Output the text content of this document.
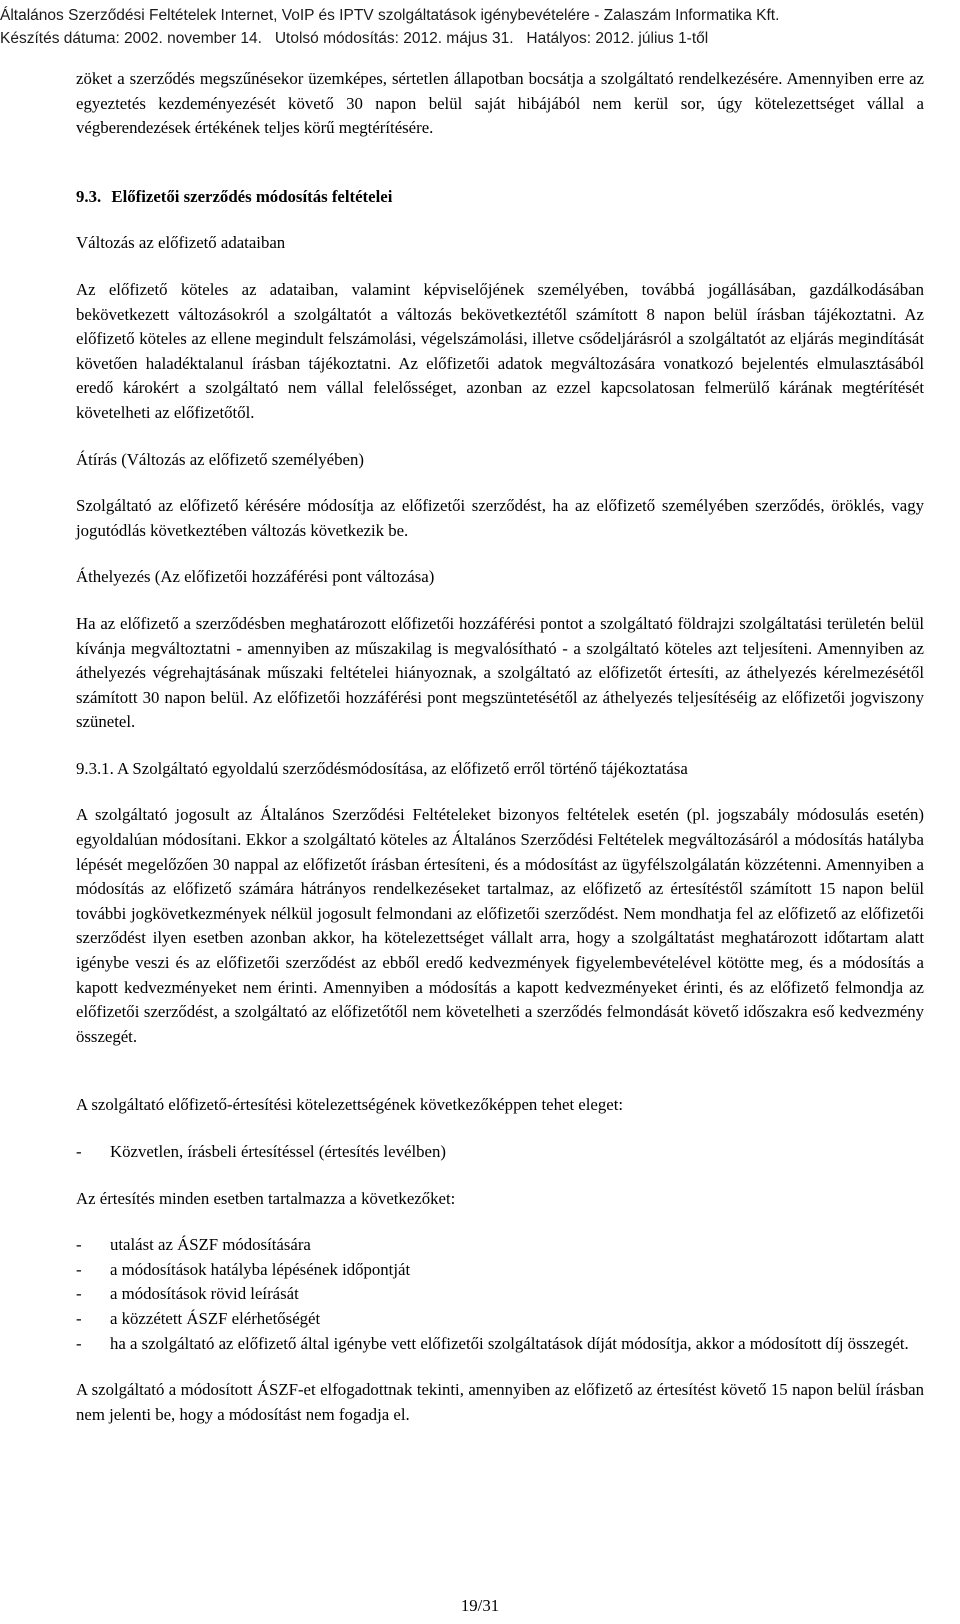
Általános Szerződési Feltételek Internet, VoIP és IPTV szolgáltatások igénybevételére - Zalaszám Informatika Kft.
Készítés dátuma: 2002. november 14.   Utolsó módosítás: 2012. május 31.   Hatályos: 2012. július 1-től

zöket a szerződés megszűnésekor üzemképes, sértetlen állapotban bocsátja a szolgáltató rendelkezésére. Amennyiben erre az egyeztetés kezdeményezését követő 30 napon belül saját hibájából nem kerül sor, úgy kötelezettséget vállal a végberendezések értékének teljes körű megtérítésére.

9.3. Előfizetői szerződés módosítás feltételei

Változás az előfizető adataiban

Az előfizető köteles az adataiban, valamint képviselőjének személyében, továbbá jogállásában, gazdálkodásában bekövetkezett változásokról a szolgáltatót a változás bekövetkeztétől számított 8 napon belül írásban tájékoztatni. Az előfizető köteles az ellene megindult felszámolási, végelszámolási, illetve csődeljárásról a szolgáltatót az eljárás megindítását követően haladéktalanul írásban tájékoztatni. Az előfizetői adatok megváltozására vonatkozó bejelentés elmulasztásából eredő károkért a szolgáltató nem vállal felelősséget, azonban az ezzel kapcsolatosan felmerülő kárának megtérítését követelheti az előfizetőtől.

Átírás (Változás az előfizető személyében)

Szolgáltató az előfizető kérésére módosítja az előfizetői szerződést, ha az előfizető személyében szerződés, öröklés, vagy jogutódlás következtében változás következik be.

Áthelyezés (Az előfizetői hozzáférési pont változása)

Ha az előfizető a szerződésben meghatározott előfizetői hozzáférési pontot a szolgáltató földrajzi szolgáltatási területén belül kívánja megváltoztatni - amennyiben az műszakilag is megvalósítható - a szolgáltató köteles azt teljesíteni. Amennyiben az áthelyezés végrehajtásának műszaki feltételei hiányoznak, a szolgáltató az előfizetőt értesíti, az áthelyezés kérelmezésétől számított 30 napon belül. Az előfizetői hozzáférési pont megszüntetésétől az áthelyezés teljesítéséig az előfizetői jogviszony szünetel.

9.3.1. A Szolgáltató egyoldalú szerződésmódosítása, az előfizető erről történő tájékoztatása

A szolgáltató jogosult az Általános Szerződési Feltételeket bizonyos feltételek esetén (pl. jogszabály módosulás esetén) egyoldalúan módosítani. Ekkor a szolgáltató köteles az Általános Szerződési Feltételek megváltozásáról a módosítás hatályba lépését megelőzően 30 nappal az előfizetőt írásban értesíteni, és a módosítást az ügyfélszolgálatán közzétenni. Amennyiben a módosítás az előfizető számára hátrányos rendelkezéseket tartalmaz, az előfizető az értesítéstől számított 15 napon belül további jogkövetkezmények nélkül jogosult felmondani az előfizetői szerződést. Nem mondhatja fel az előfizető az előfizetői szerződést ilyen esetben azonban akkor, ha kötelezettséget vállalt arra, hogy a szolgáltatást meghatározott időtartam alatt igénybe veszi és az előfizetői szerződést az ebből eredő kedvezmények figyelembevételével kötötte meg, és a módosítás a kapott kedvezményeket nem érinti. Amennyiben a módosítás a kapott kedvezményeket érinti, és az előfizető felmondja az előfizetői szerződést, a szolgáltató az előfizetőtől nem követelheti a szerződés felmondását követő időszakra eső kedvezmény összegét.

A szolgáltató előfizető-értesítési kötelezettségének következőképpen tehet eleget:

- Közvetlen, írásbeli értesítéssel (értesítés levélben)

Az értesítés minden esetben tartalmazza a következőket:

- utalást az ÁSZF módosítására
- a módosítások hatályba lépésének időpontját
- a módosítások rövid leírását
- a közzétett ÁSZF elérhetőségét
- ha a szolgáltató az előfizető által igénybe vett előfizetői szolgáltatások díját módosítja, akkor a módosított díj összegét.

A szolgáltató a módosított ÁSZF-et elfogadottnak tekinti, amennyiben az előfizető az értesítést követő 15 napon belül írásban nem jelenti be, hogy a módosítást nem fogadja el.

19/31
